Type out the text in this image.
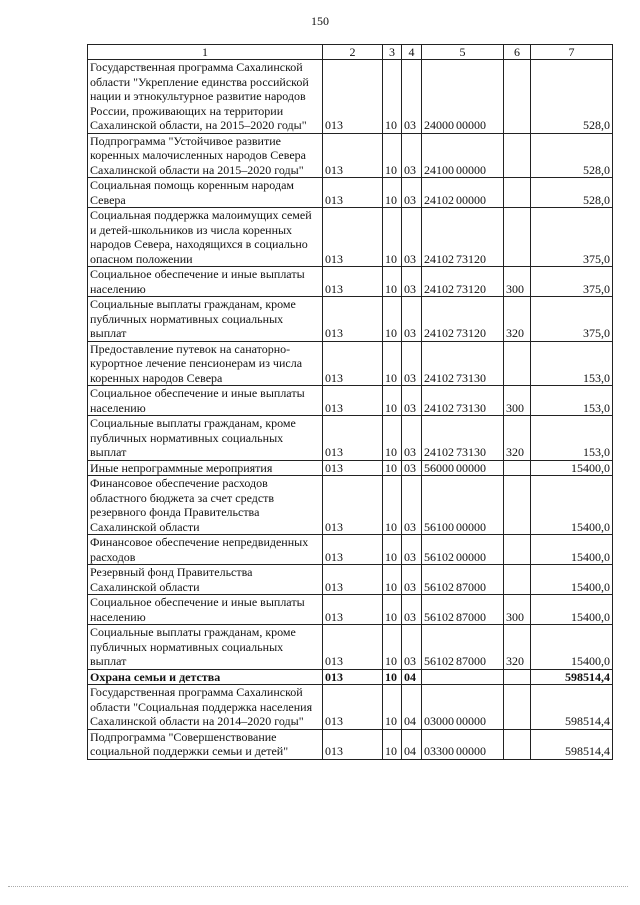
150
1	2	3	4	5	6	7
Государственная программа Сахалинской области "Укрепление единства российской нации и этнокультурное развитие народов России, проживающих на территории Сахалинской области, на 2015–2020 годы"	013	10	03	24000 00000		528,0
Подпрограмма "Устойчивое развитие коренных малочисленных народов Севера Сахалинской области на 2015–2020 годы"	013	10	03	24100 00000		528,0
Социальная помощь коренным народам Севера	013	10	03	24102 00000		528,0
Социальная поддержка малоимущих семей и детей-школьников из числа коренных народов Севера, находящихся в социально опасном положении	013	10	03	24102 73120		375,0
Социальное обеспечение и иные выплаты населению	013	10	03	24102 73120	300	375,0
Социальные выплаты гражданам, кроме публичных нормативных социальных выплат	013	10	03	24102 73120	320	375,0
Предоставление путевок на санаторно-курортное лечение пенсионерам из числа коренных народов Севера	013	10	03	24102 73130		153,0
Социальное обеспечение и иные выплаты населению	013	10	03	24102 73130	300	153,0
Социальные выплаты гражданам, кроме публичных нормативных социальных выплат	013	10	03	24102 73130	320	153,0
Иные непрограммные мероприятия	013	10	03	56000 00000		15400,0
Финансовое обеспечение расходов областного бюджета за счет средств резервного фонда Правительства Сахалинской области	013	10	03	56100 00000		15400,0
Финансовое обеспечение непредвиденных расходов	013	10	03	56102 00000		15400,0
Резервный фонд Правительства Сахалинской области	013	10	03	56102 87000		15400,0
Социальное обеспечение и иные выплаты населению	013	10	03	56102 87000	300	15400,0
Социальные выплаты гражданам, кроме публичных нормативных социальных выплат	013	10	03	56102 87000	320	15400,0
Охрана семьи и детства	013	10	04			598514,4
Государственная программа Сахалинской области "Социальная поддержка населения Сахалинской области на 2014–2020 годы"	013	10	04	03000 00000		598514,4
Подпрограмма "Совершенствование социальной поддержки семьи и детей"	013	10	04	03300 00000		598514,4
